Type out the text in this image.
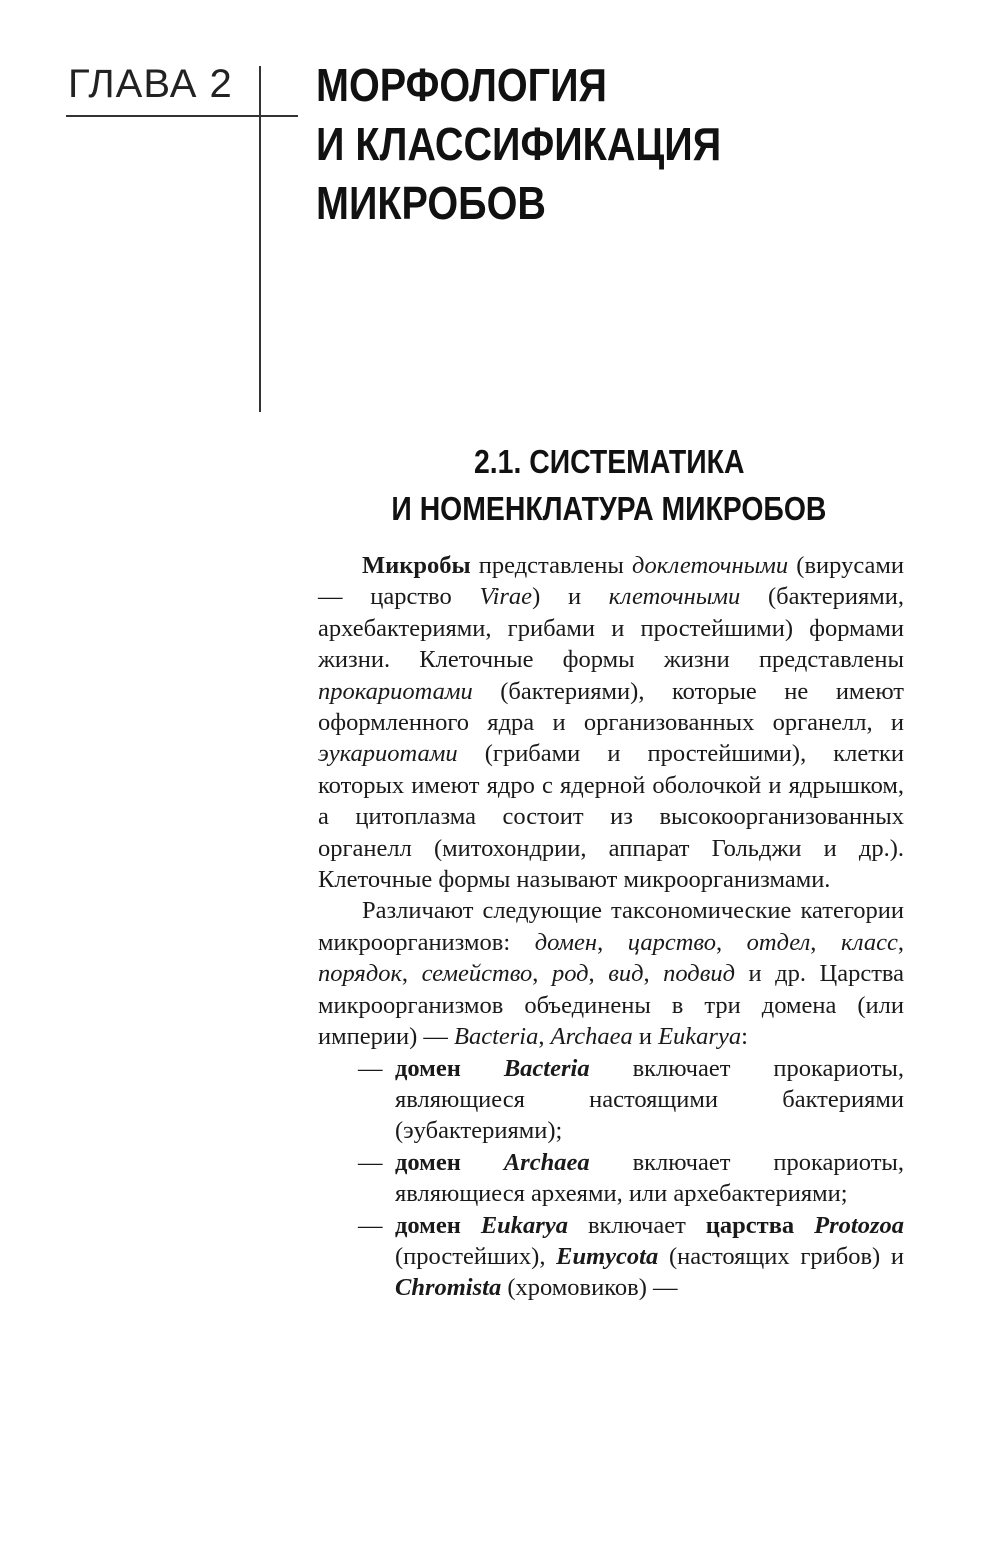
ГЛАВА 2 МОРФОЛОГИЯ
И КЛАССИФИКАЦИЯ
МИКРОБОВ
2.1. СИСТЕМАТИКА
И НОМЕНКЛАТУРА МИКРОБОВ

Микробы представлены доклеточными (вирусами — царство Virae) и клеточными (бактериями, архебактериями, грибами и простейшими) формами жизни. Клеточные формы жизни представлены прокариотами (бактериями), которые не имеют оформленного ядра и организованных органелл, и эукариотами (грибами и простейшими), клетки которых имеют ядро с ядерной оболочкой и ядрышком, а цитоплазма состоит из высокоорганизованных органелл (митохондрии, аппарат Гольджи и др.). Клеточные формы называют микроорганизмами.

Различают следующие таксономические категории микроорганизмов: домен, царство, отдел, класс, порядок, семейство, род, вид, подвид и др. Царства микроорганизмов объединены в три домена (или империи) — Bacteria, Archaea и Eukarya:

— домен Bacteria включает прокариоты, являющиеся настоящими бактериями (эубактериями);
— домен Archaea включает прокариоты, являющиеся археями, или архебактериями;
— домен Eukarya включает царства Protozoa (простейших), Eumycota (настоящих грибов) и Chromista (хромовиков) —
